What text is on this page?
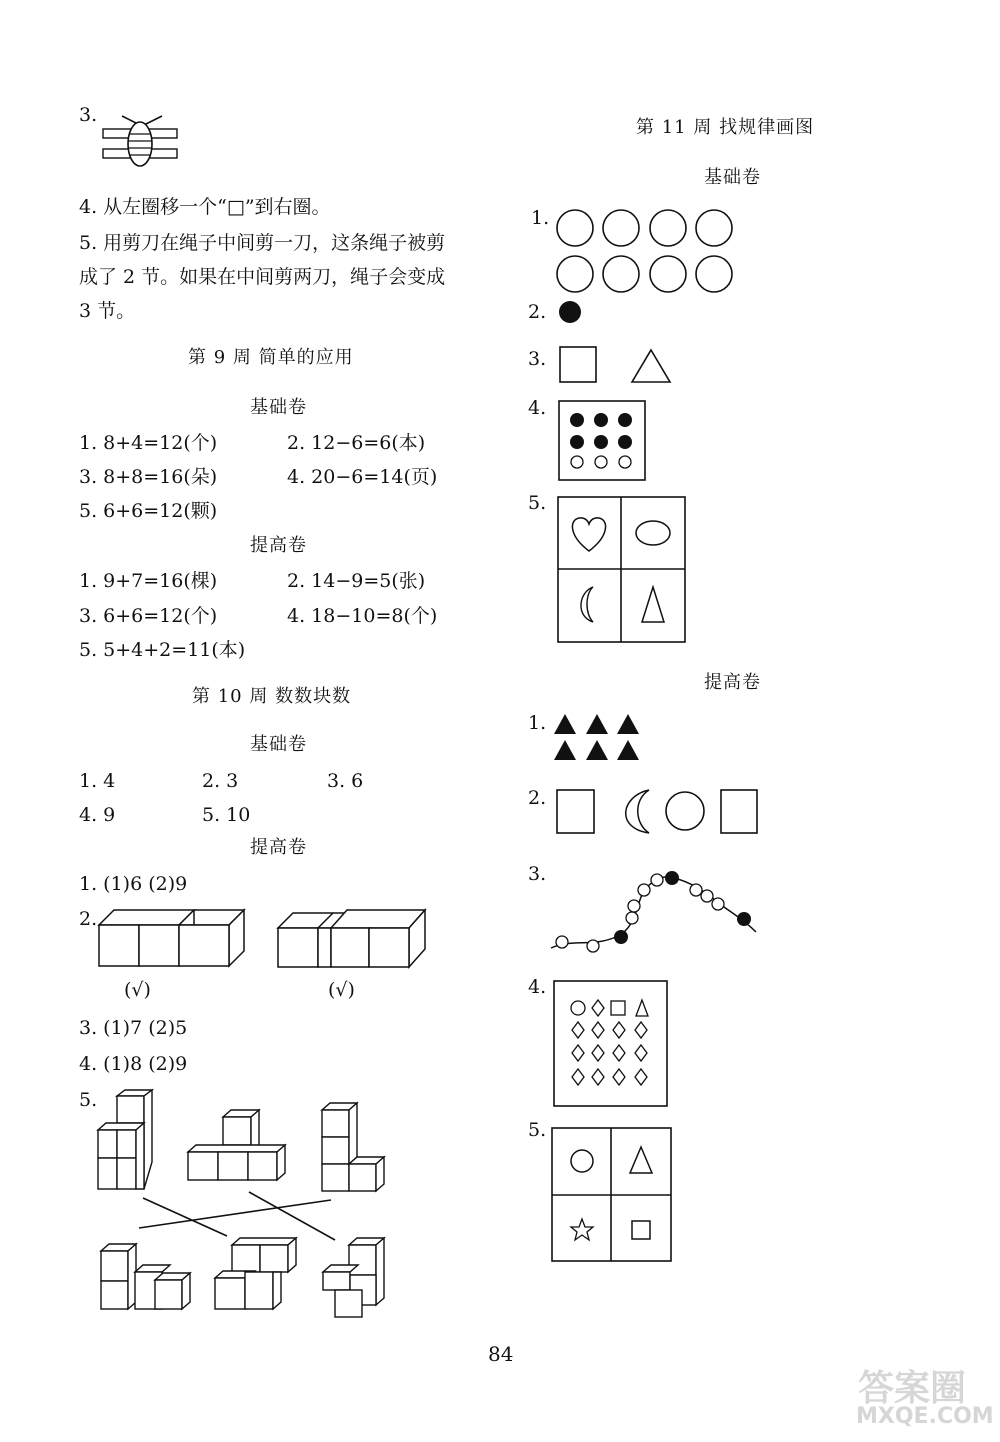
3.
4. 从左圈移一个“□”到右圈。
5. 用剪刀在绳子中间剪一刀，这条绳子被剪
成了 2 节。如果在中间剪两刀，绳子会变成
3 节。
第 9 周 简单的应用
基础卷
1. 8+4=12(个)	2. 12−6=6(本)
3. 8+8=16(朵)	4. 20−6=14(页)
5. 6+6=12(颗)
提高卷
1. 9+7=16(棵)	2. 14−9=5(张)
3. 6+6=12(个)	4. 18−10=8(个)
5. 5+4+2=11(本)
第 10 周 数数块数
基础卷
1. 4	2. 3	3. 6
4. 9	5. 10
提高卷
1. (1)6 (2)9
2.
(√)	(√)
3. (1)7 (2)5
4. (1)8 (2)9
5.
第 11 周 找规律画图
基础卷
1.
2.
3.
4.
5.
提高卷
1.
2.
3.
4.
5.
84
答案圈
MXQE.COM
